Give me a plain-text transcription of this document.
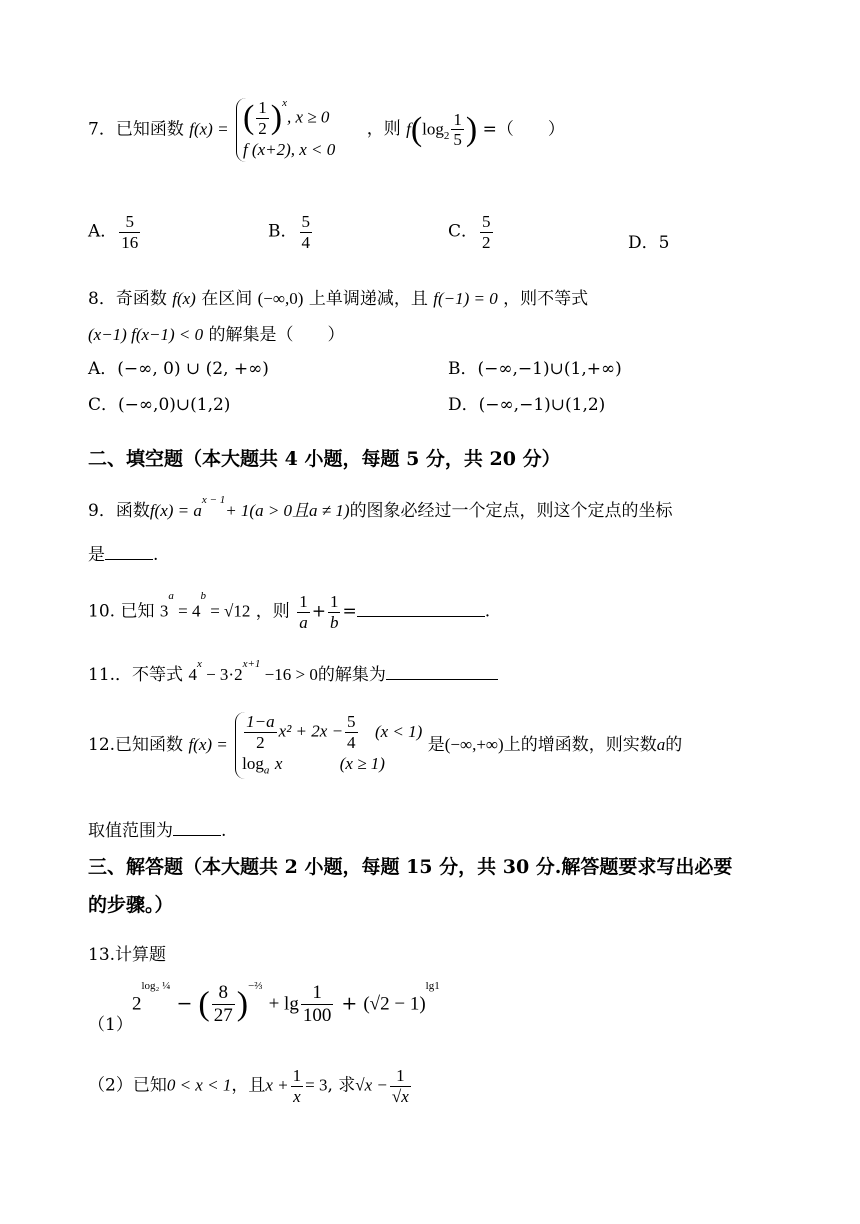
7．已知函数 f(x) = ( $\frac{1}{2} )^x$, x ≥ 0
f (x+2), x < 0
，则 $f(\log_2 \frac{1}{5}$ ) =（　　）
A． $\frac{5}{16}$	B． $\frac{5}{4}$	C． $\frac{5}{2}$	D．5
8．奇函数 f(x) 在区间 (−∞,0) 上单调递减，且 f(−1) = 0 ，则不等式
(x−1) f(x−1) < 0 的解集是（　　）
A．(−∞, 0) ∪ (2, +∞)	B．(−∞,−1)∪(1,+∞)
C．(−∞,0)∪(1,2)	D．(−∞,−1)∪(1,2)
二、填空题（本大题共 4 小题，每题 5 分，共 20 分）
9．函数$f(x) = a^{x - 1}+ 1(a > 0$且a ≠ 1)的图象必经过一个定点，则这个定点的坐标
是	.
10. 已知 $3^a = 4^b = √12$ ，则 $\frac{1}{a} + \frac{1}{b}$ =	.
11.．不等式 $4^x - 3\cdot 2^{x+1} -16 > 0$的解集为
12.已知函数 $f(x) = \frac{1-a}{2} x^2 + 2x - \frac{5}{4} (x < 1)$
$\log_a x$	(x ≥ 1)
是(−∞,+∞)上的增函数，则实数a的
取值范围为	.
三、解答题（本大题共 2 小题，每题 15 分，共 30 分.解答题要求写出必要
的步骤。）
13.计算题
（1）
$2^{log_2 \frac{1}{4}}$ − ( $\frac{8}{27} )^{-\frac{2}{3}} + \lg \frac{1}{100} + (√2 - 1)^{lg1}$
（2）已知0 < x < 1，且$x + \frac{1}{x} = 3$, 求$√x - \frac{1}{√x}$
